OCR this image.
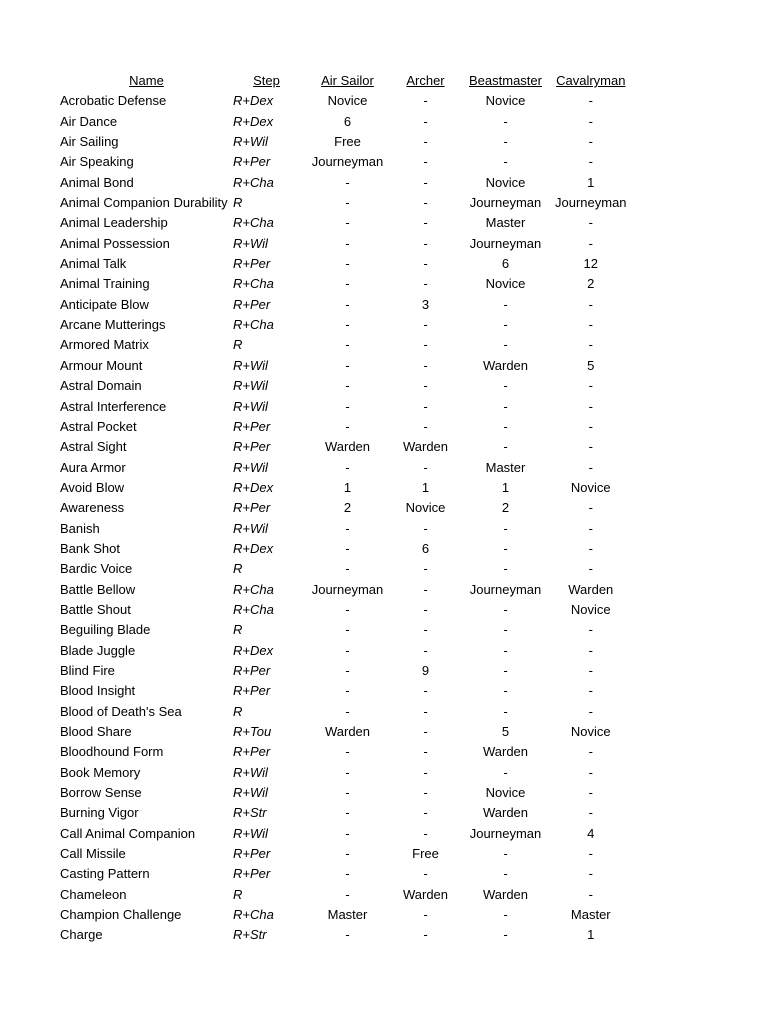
Name	Step	Air Sailor	Archer	Beastmaster	Cavalryman
Acrobatic Defense	R+Dex	Novice	-	Novice	-
Air Dance	R+Dex	6	-	-	-
Air Sailing	R+Wil	Free	-	-	-
Air Speaking	R+Per	Journeyman	-	-	-
Animal Bond	R+Cha	-	-	Novice	1
Animal Companion Durability	R	-	-	Journeyman	Journeyman
Animal Leadership	R+Cha	-	-	Master	-
Animal Possession	R+Wil	-	-	Journeyman	-
Animal Talk	R+Per	-	-	6	12
Animal Training	R+Cha	-	-	Novice	2
Anticipate Blow	R+Per	-	3	-	-
Arcane Mutterings	R+Cha	-	-	-	-
Armored Matrix	R	-	-	-	-
Armour Mount	R+Wil	-	-	Warden	5
Astral Domain	R+Wil	-	-	-	-
Astral Interference	R+Wil	-	-	-	-
Astral Pocket	R+Per	-	-	-	-
Astral Sight	R+Per	Warden	Warden	-	-
Aura Armor	R+Wil	-	-	Master	-
Avoid Blow	R+Dex	1	1	1	Novice
Awareness	R+Per	2	Novice	2	-
Banish	R+Wil	-	-	-	-
Bank Shot	R+Dex	-	6	-	-
Bardic Voice	R	-	-	-	-
Battle Bellow	R+Cha	Journeyman	-	Journeyman	Warden
Battle Shout	R+Cha	-	-	-	Novice
Beguiling Blade	R	-	-	-	-
Blade Juggle	R+Dex	-	-	-	-
Blind Fire	R+Per	-	9	-	-
Blood Insight	R+Per	-	-	-	-
Blood of Death's Sea	R	-	-	-	-
Blood Share	R+Tou	Warden	-	5	Novice
Bloodhound Form	R+Per	-	-	Warden	-
Book Memory	R+Wil	-	-	-	-
Borrow Sense	R+Wil	-	-	Novice	-
Burning Vigor	R+Str	-	-	Warden	-
Call Animal Companion	R+Wil	-	-	Journeyman	4
Call Missile	R+Per	-	Free	-	-
Casting Pattern	R+Per	-	-	-	-
Chameleon	R	-	Warden	Warden	-
Champion Challenge	R+Cha	Master	-	-	Master
Charge	R+Str	-	-	-	1
